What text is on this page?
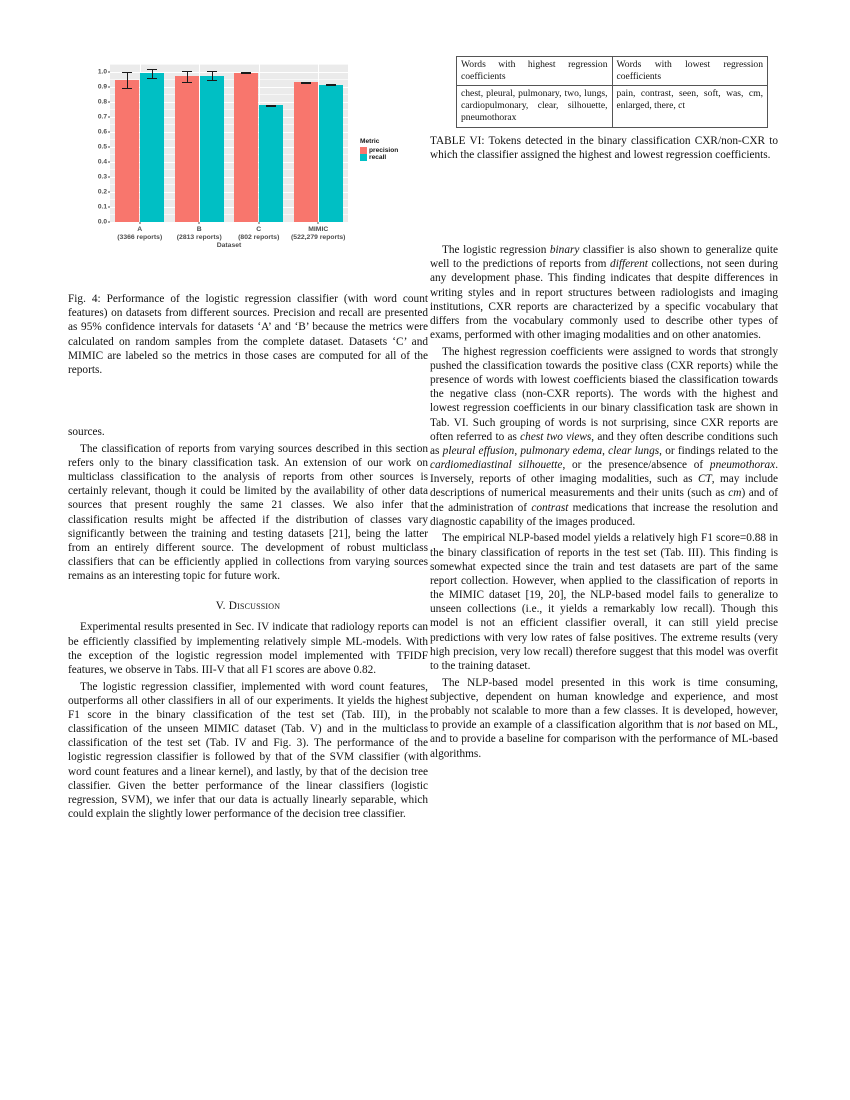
0.0
0.1
0.2
0.3
0.4
0.5
0.6
0.7
0.8
0.9
1.0
Dataset
A
(3366 reports)
B
(2813 reports)
C
(802 reports)
MIMIC
(522,279 reports)
Metric
precision
recall

Fig. 4: Performance of the logistic regression classifier (with word count features) on datasets from different sources. Precision and recall are presented as 95% confidence intervals for datasets ‘A’ and ‘B’ because the metrics were calculated on random samples from the complete dataset. Datasets ‘C’ and MIMIC are labeled so the metrics in those cases are computed for all of the reports.

sources.

The classification of reports from varying sources described in this section refers only to the binary classification task. An extension of our work on multiclass classification to the analysis of reports from other sources is certainly relevant, though it could be limited by the availability of other data sources that present roughly the same 21 classes. We also infer that classification results might be affected if the distribution of classes vary significantly between the training and testing datasets [21], being the latter from an entirely different source. The development of robust multiclass classifiers that can be efficiently applied in collections from varying sources remains as an interesting topic for future work.

V. Discussion

Experimental results presented in Sec. IV indicate that radiology reports can be efficiently classified by implementing relatively simple ML-models. With the exception of the logistic regression model implemented with TFIDF features, we observe in Tabs. III-V that all F1 scores are above 0.82.

The logistic regression classifier, implemented with word count features, outperforms all other classifiers in all of our experiments. It yields the highest F1 score in the binary classification of the test set (Tab. III), in the classification of the unseen MIMIC dataset (Tab. V) and in the multiclass classification of the test set (Tab. IV and Fig. 3). The performance of the logistic regression classifier is followed by that of the SVM classifier (with word count features and a linear kernel), and lastly, by that of the decision tree classifier. Given the better performance of the linear classifiers (logistic regression, SVM), we infer that our data is actually linearly separable, which could explain the slightly lower performance of the decision tree classifier.

Words with highest regression coefficients	Words with lowest regression coefficients
chest, pleural, pulmonary, two, lungs, cardiopulmonary, clear, silhouette, pneumothorax	pain, contrast, seen, soft, was, cm, enlarged, there, ct

TABLE VI: Tokens detected in the binary classification CXR/non-CXR to which the classifier assigned the highest and lowest regression coefficients.

The logistic regression binary classifier is also shown to generalize quite well to the predictions of reports from different collections, not seen during any development phase. This finding indicates that despite differences in writing styles and in report structures between radiologists and imaging institutions, CXR reports are characterized by a specific vocabulary that differs from the vocabulary commonly used to describe other types of exams, performed with other imaging modalities and on other anatomies.

The highest regression coefficients were assigned to words that strongly pushed the classification towards the positive class (CXR reports) while the presence of words with lowest coefficients biased the classification towards the negative class (non-CXR reports). The words with the highest and lowest regression coefficients in our binary classification task are shown in Tab. VI. Such grouping of words is not surprising, since CXR reports are often referred to as chest two views, and they often describe conditions such as pleural effusion, pulmonary edema, clear lungs, or findings related to the cardiomediastinal silhouette, or the presence/absence of pneumothorax. Inversely, reports of other imaging modalities, such as CT, may include descriptions of numerical measurements and their units (such as cm) and of the administration of contrast medications that increase the resolution and diagnostic capability of the images produced.

The empirical NLP-based model yields a relatively high F1 score=0.88 in the binary classification of reports in the test set (Tab. III). This finding is somewhat expected since the train and test datasets are part of the same report collection. However, when applied to the classification of reports in the MIMIC dataset [19, 20], the NLP-based model fails to generalize to unseen collections (i.e., it yields a remarkably low recall). Though this model is not an efficient classifier overall, it can still yield precise predictions with very low rates of false positives. The extreme results (very high precision, very low recall) therefore suggest that this model was overfit to the training dataset.

The NLP-based model presented in this work is time consuming, subjective, dependent on human knowledge and experience, and most probably not scalable to more than a few classes. It is developed, however, to provide an example of a classification algorithm that is not based on ML, and to provide a baseline for comparison with the performance of ML-based algorithms.
